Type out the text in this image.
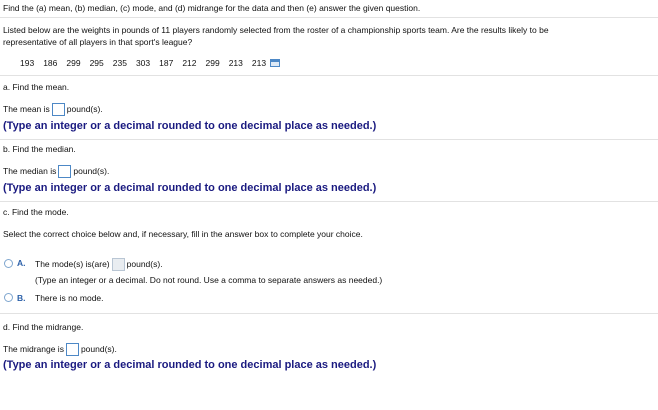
Find the (a) mean, (b) median, (c) mode, and (d) midrange for the data and then (e) answer the given question.
Listed below are the weights in pounds of 11 players randomly selected from the roster of a championship sports team. Are the results likely to be
representative of all players in that sport's league?
193 186 299 295 235 303 187 212 299 213 213
a. Find the mean.
The mean is pound(s).
(Type an integer or a decimal rounded to one decimal place as needed.)
b. Find the median.
The median is pound(s).
(Type an integer or a decimal rounded to one decimal place as needed.)
c. Find the mode.
Select the correct choice below and, if necessary, fill in the answer box to complete your choice.
A. The mode(s) is(are) pound(s).
(Type an integer or a decimal. Do not round. Use a comma to separate answers as needed.)
B. There is no mode.
d. Find the midrange.
The midrange is pound(s).
(Type an integer or a decimal rounded to one decimal place as needed.)
